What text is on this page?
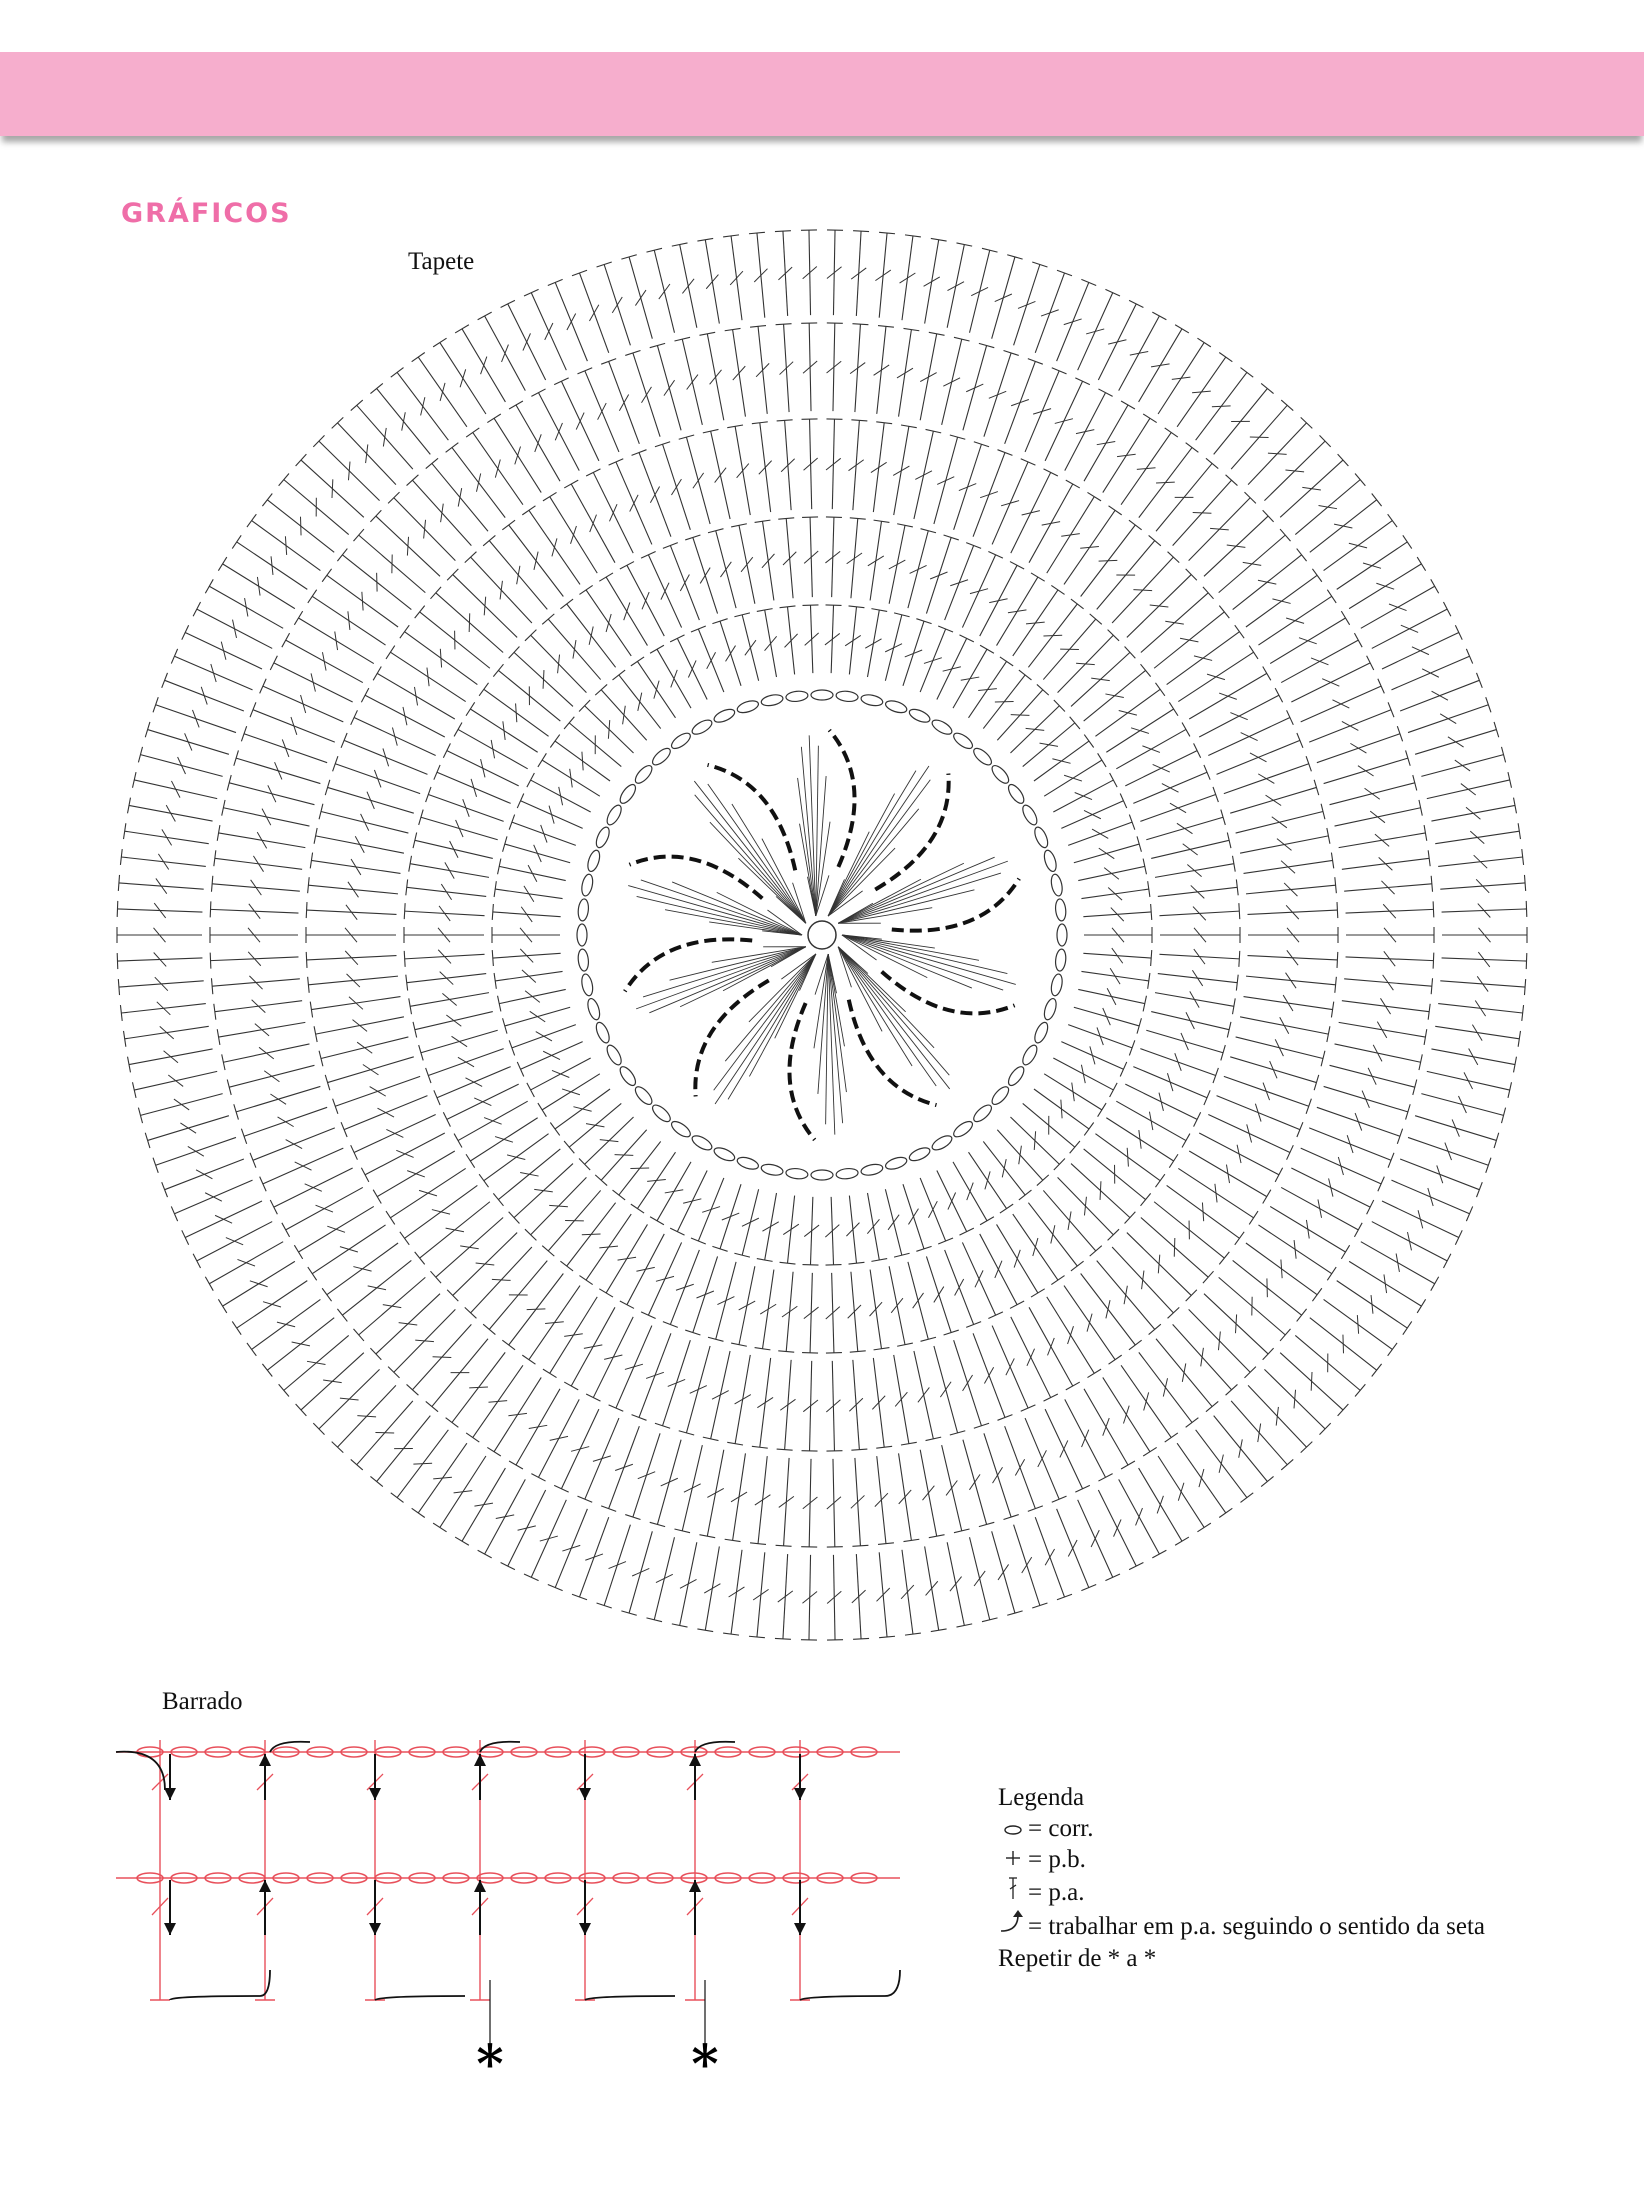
GRÁFICOS
Tapete
Barrado
*	*
Legenda
= corr.
= p.b.
= p.a.
= trabalhar em p.a. seguindo o sentido da seta
Repetir de * a *
